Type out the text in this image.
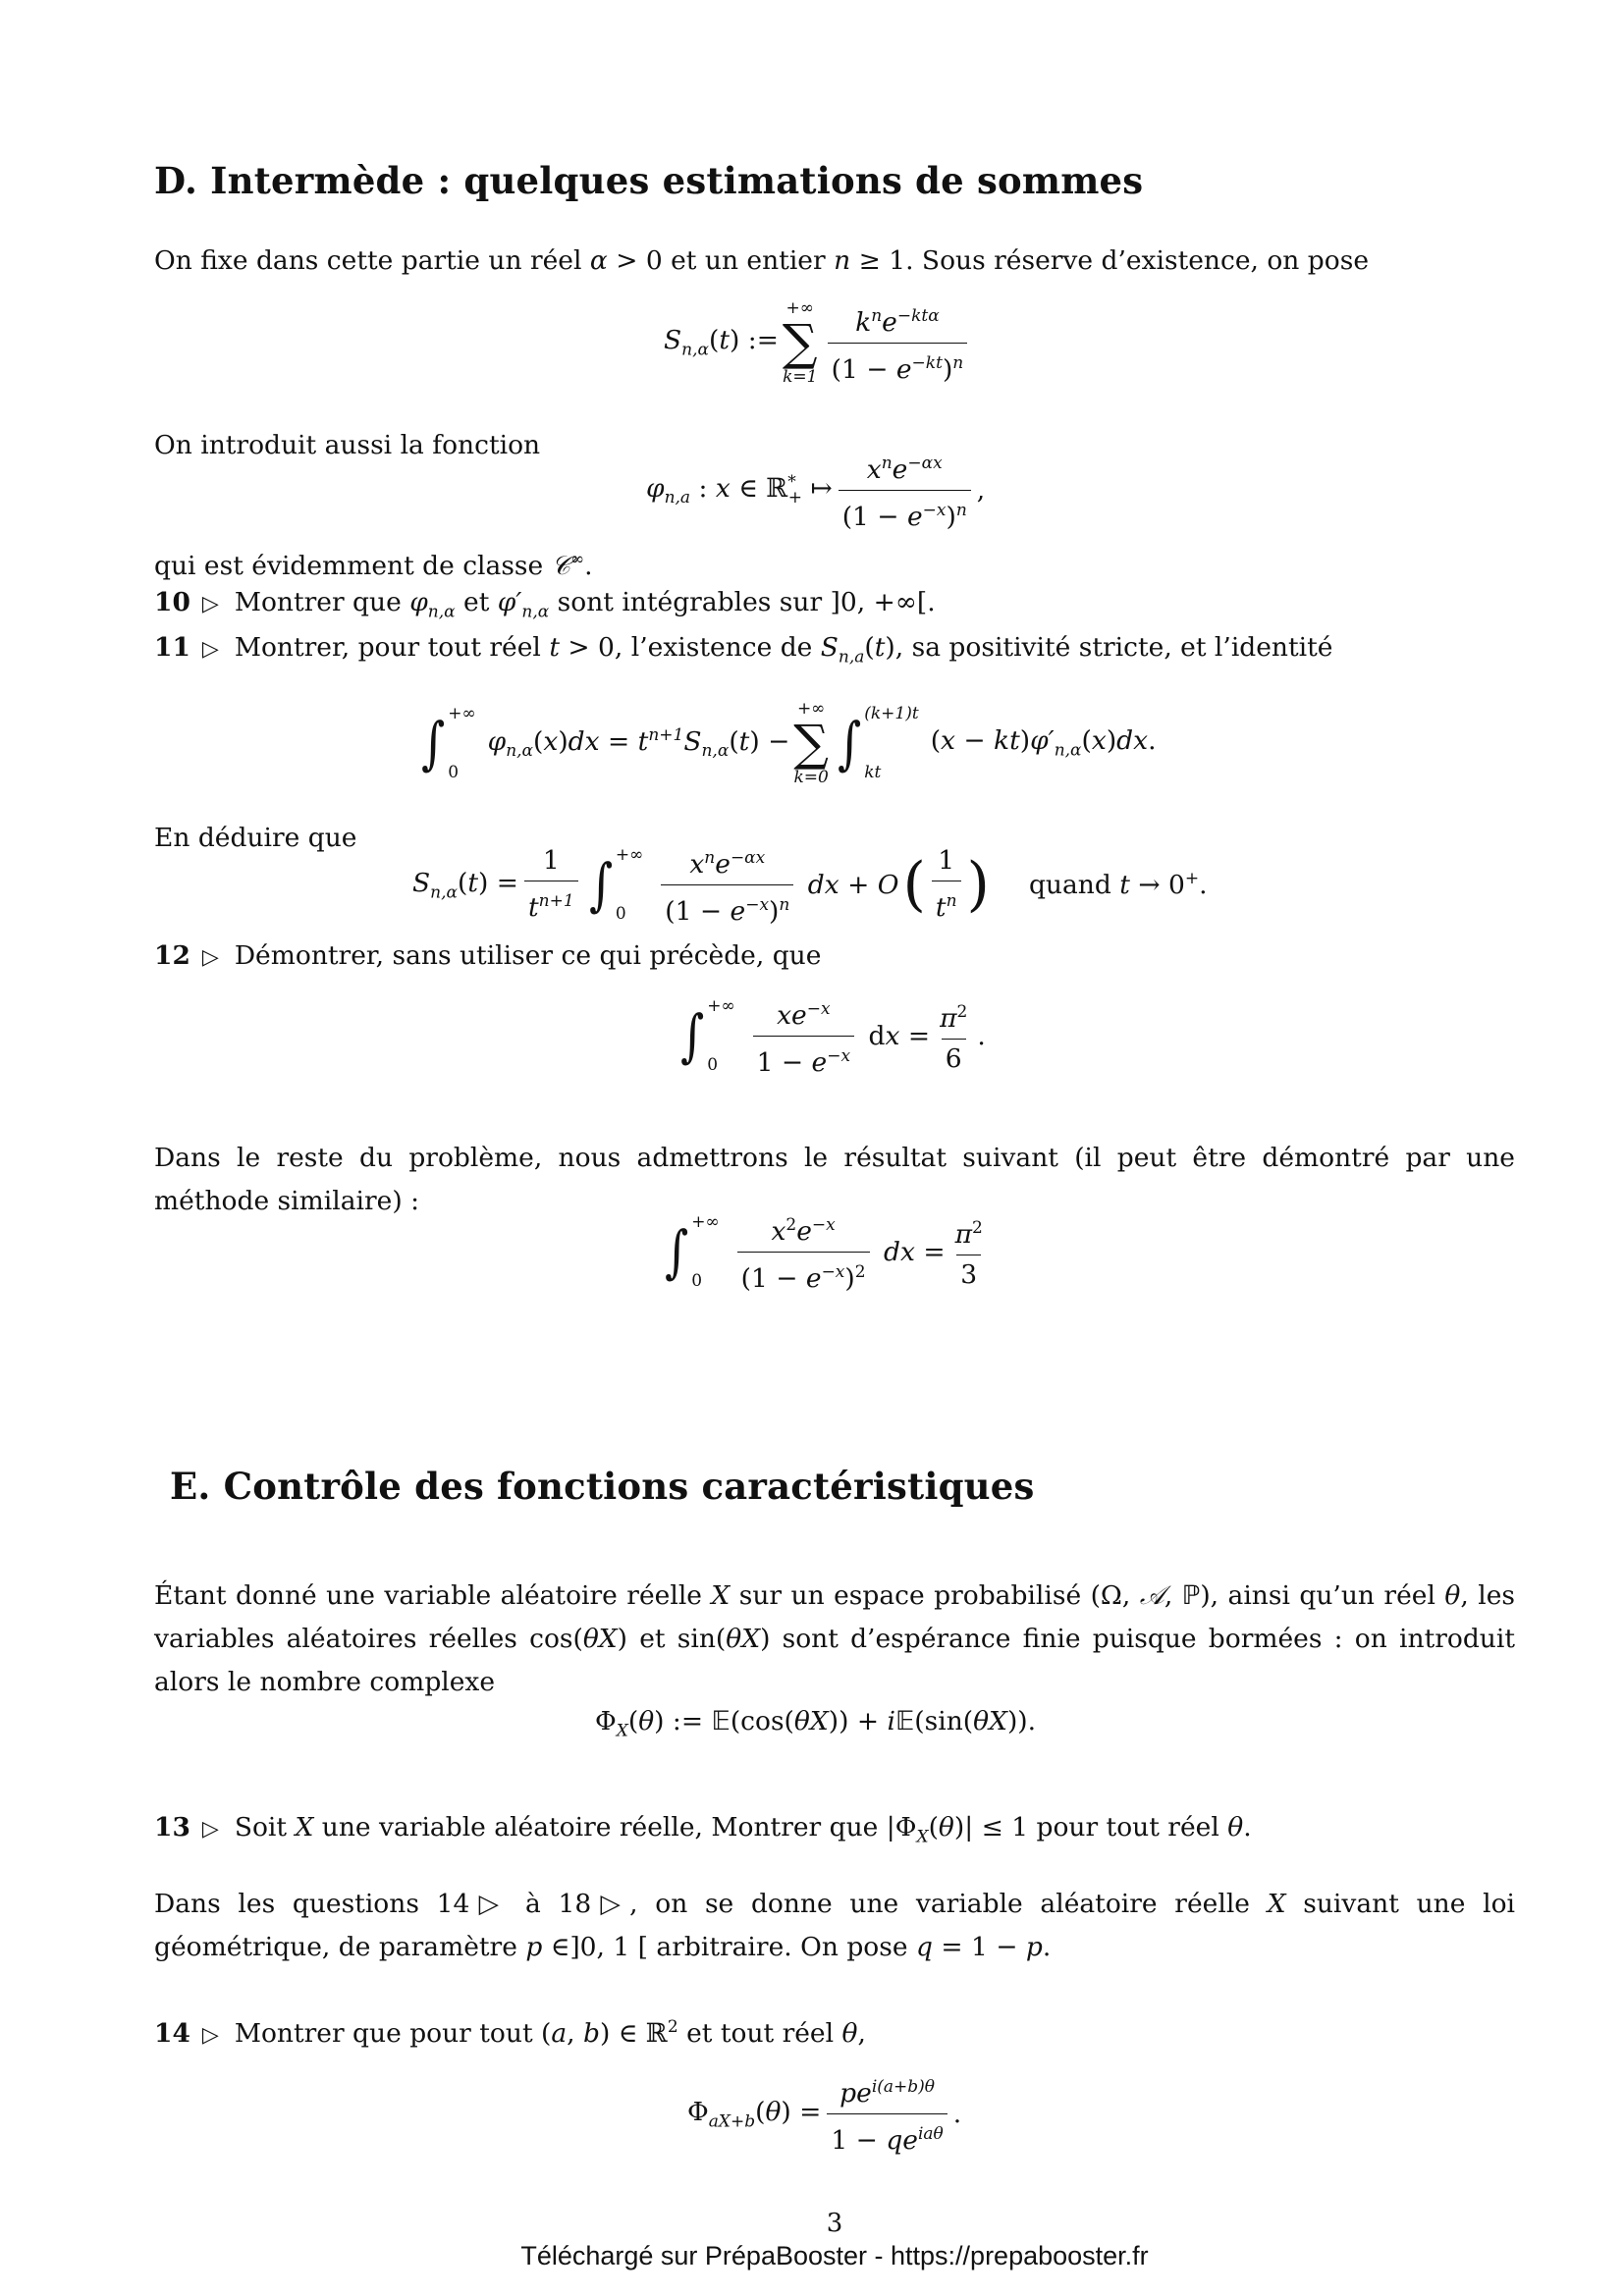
D. Intermède : quelques estimations de sommes
On fixe dans cette partie un réel α > 0 et un entier n ≥ 1. Sous réserve d’existence, on pose
$S_{n,\alpha}(t)$ :=
+∞
∑
$k=1 \frac{k^ne^{-kt\alpha}}{(1 - e^{-kt})^n}$
On introduit aussi la fonction
$\varphi_{n,a}$ : x ∈ ℝ*$_+$ ↦ $\frac{x^ne^{-\alpha x}}{(1 - e^{-x})^n}$ ,
qui est évidemment de classe 𝒞∞.
10 ▷ Montrer que $\varphi_{n,\alpha}$ et $\varphi'_{n,\alpha}$ sont intégrables sur ]0, +∞[.
11 ▷ Montrer, pour tout réel t > 0, l’existence de $S_{n,a}(t)$, sa positivité stricte, et l’identité
∫ +∞
0
$\varphi_{n,\alpha}(x)dx = t^{n+1}S_{n,\alpha}(t)$ −
+∞
∑
k=0
∫ (k+1)t
kt
$(x - kt)\varphi'_{n,\alpha}(x)dx$.
En déduire que
$S_{n,\alpha}(t) = \frac{1}{t^{n+1}}$ ∫ +∞
0	$\frac{x^ne^{-\alpha x}}{(1 - e^{-x})^n}$ dx + O ( $\frac{1}{t^n}$ ) quand t → 0+.
12 ▷ Démontrer, sans utiliser ce qui précède, que
∫ +∞
0	$\frac{xe^{-x}}{1 - e^{-x}}$ dx = $\frac{\pi^2}{6}$ .
Dans le reste du problème, nous admettrons le résultat suivant (il peut être démontré par une méthode similaire) :
∫ +∞
0	$\frac{x^2e^{-x}}{(1 - e^{-x})^2}$ dx = $\frac{\pi^2}{3}$
E. Contrôle des fonctions caractéristiques
Étant donné une variable aléatoire réelle X sur un espace probabilisé (Ω, 𝒜, ℙ), ainsi qu’un réel θ, les variables aléatoires réelles cos(θX) et sin(θX) sont d’espérance finie puisque bormées : on introduit alors le nombre complexe
$\Phi_X(\theta)$ := 𝔼(cos(θX)) + i𝔼(sin(θX)).
13 ▷ Soit X une variable aléatoire réelle, Montrer que $|\Phi_X(\theta)| \le 1$ pour tout réel θ.
Dans les questions 14▷ à 18▷, on se donne une variable aléatoire réelle X suivant une loi géométrique, de paramètre p ∈]0, 1 [ arbitraire. On pose q = 1 − p.
14 ▷ Montrer que pour tout (a, b) ∈ ℝ$^2$ et tout réel θ,
$\Phi_{aX+b}(\theta) = \frac{pe^{i(a+b)\theta}}{1 - qe^{ia\theta}}$ .
3
Téléchargé sur PrépaBooster - https://prepabooster.fr
